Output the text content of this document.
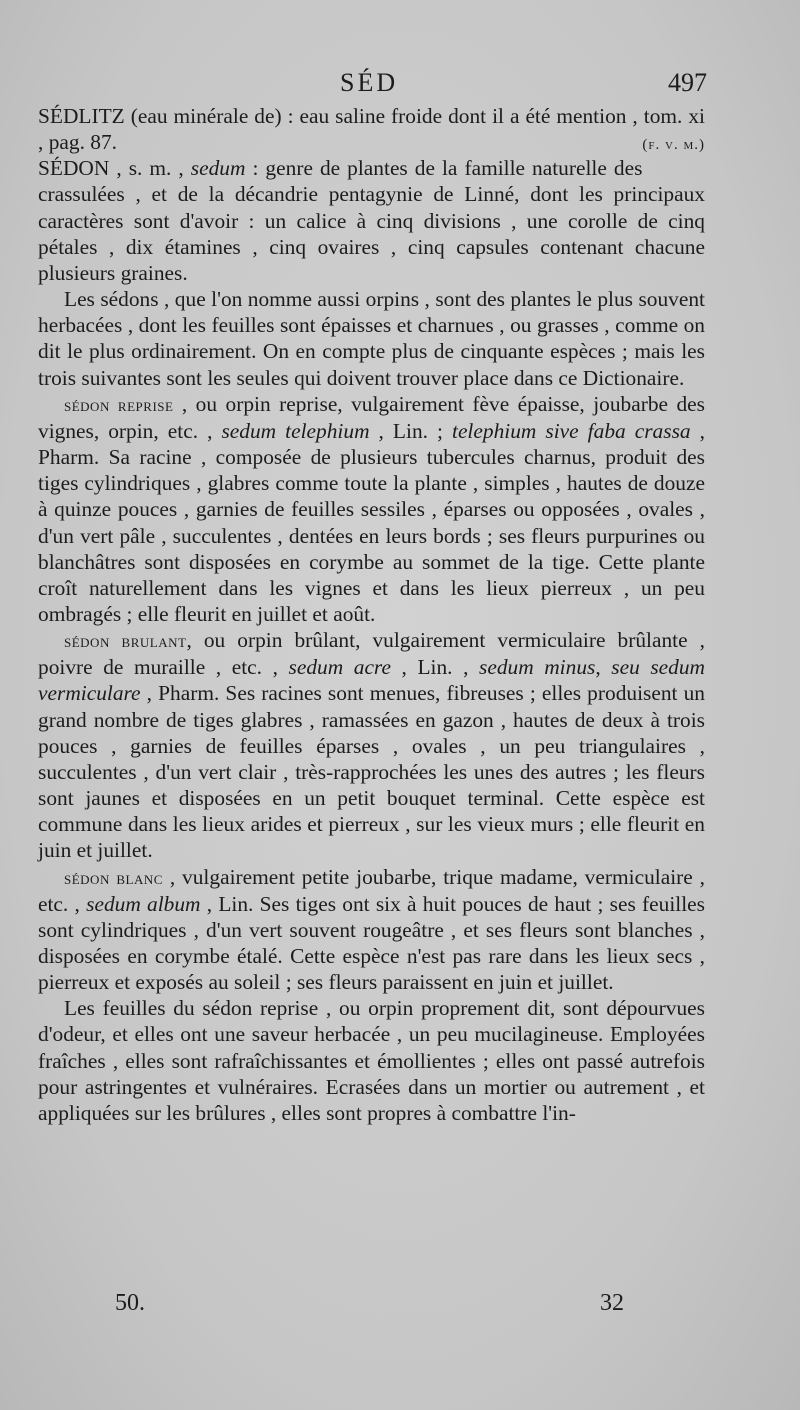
SÉD	497

SÉDLITZ (eau minérale de) : eau saline froide dont il a été mention , tom. xi , pag. 87.	(f. v. m.)

SÉDON , s. m. , sedum : genre de plantes de la famille naturelle des crassulées , et de la décandrie pentagynie de Linné, dont les principaux caractères sont d'avoir : un calice à cinq divisions , une corolle de cinq pétales , dix étamines , cinq ovaires , cinq capsules contenant chacune plusieurs graines.

Les sédons , que l'on nomme aussi orpins , sont des plantes le plus souvent herbacées , dont les feuilles sont épaisses et charnues , ou grasses , comme on dit le plus ordinairement. On en compte plus de cinquante espèces ; mais les trois suivantes sont les seules qui doivent trouver place dans ce Dictionaire.

sédon reprise , ou orpin reprise, vulgairement fève épaisse, joubarbe des vignes, orpin, etc. , sedum telephium , Lin. ; telephium sive faba crassa , Pharm. Sa racine , composée de plusieurs tubercules charnus, produit des tiges cylindriques , glabres comme toute la plante , simples , hautes de douze à quinze pouces , garnies de feuilles sessiles , éparses ou opposées , ovales , d'un vert pâle , succulentes , dentées en leurs bords ; ses fleurs purpurines ou blanchâtres sont disposées en corymbe au sommet de la tige. Cette plante croît naturellement dans les vignes et dans les lieux pierreux , un peu ombragés ; elle fleurit en juillet et août.

sédon brulant, ou orpin brûlant, vulgairement vermiculaire brûlante , poivre de muraille , etc. , sedum acre , Lin. , sedum minus, seu sedum vermiculare , Pharm. Ses racines sont menues, fibreuses ; elles produisent un grand nombre de tiges glabres , ramassées en gazon , hautes de deux à trois pouces , garnies de feuilles éparses , ovales , un peu triangulaires , succulentes , d'un vert clair , très-rapprochées les unes des autres ; les fleurs sont jaunes et disposées en un petit bouquet terminal. Cette espèce est commune dans les lieux arides et pierreux , sur les vieux murs ; elle fleurit en juin et juillet.

sédon blanc , vulgairement petite joubarbe, trique madame, vermiculaire , etc. , sedum album , Lin. Ses tiges ont six à huit pouces de haut ; ses feuilles sont cylindriques , d'un vert souvent rougeâtre , et ses fleurs sont blanches , disposées en corymbe étalé. Cette espèce n'est pas rare dans les lieux secs , pierreux et exposés au soleil ; ses fleurs paraissent en juin et juillet.

Les feuilles du sédon reprise , ou orpin proprement dit, sont dépourvues d'odeur, et elles ont une saveur herbacée , un peu mucilagineuse. Employées fraîches , elles sont rafraîchissantes et émollientes ; elles ont passé autrefois pour astringentes et vulnéraires. Ecrasées dans un mortier ou autrement , et appliquées sur les brûlures , elles sont propres à combattre l'in-

50.	32
